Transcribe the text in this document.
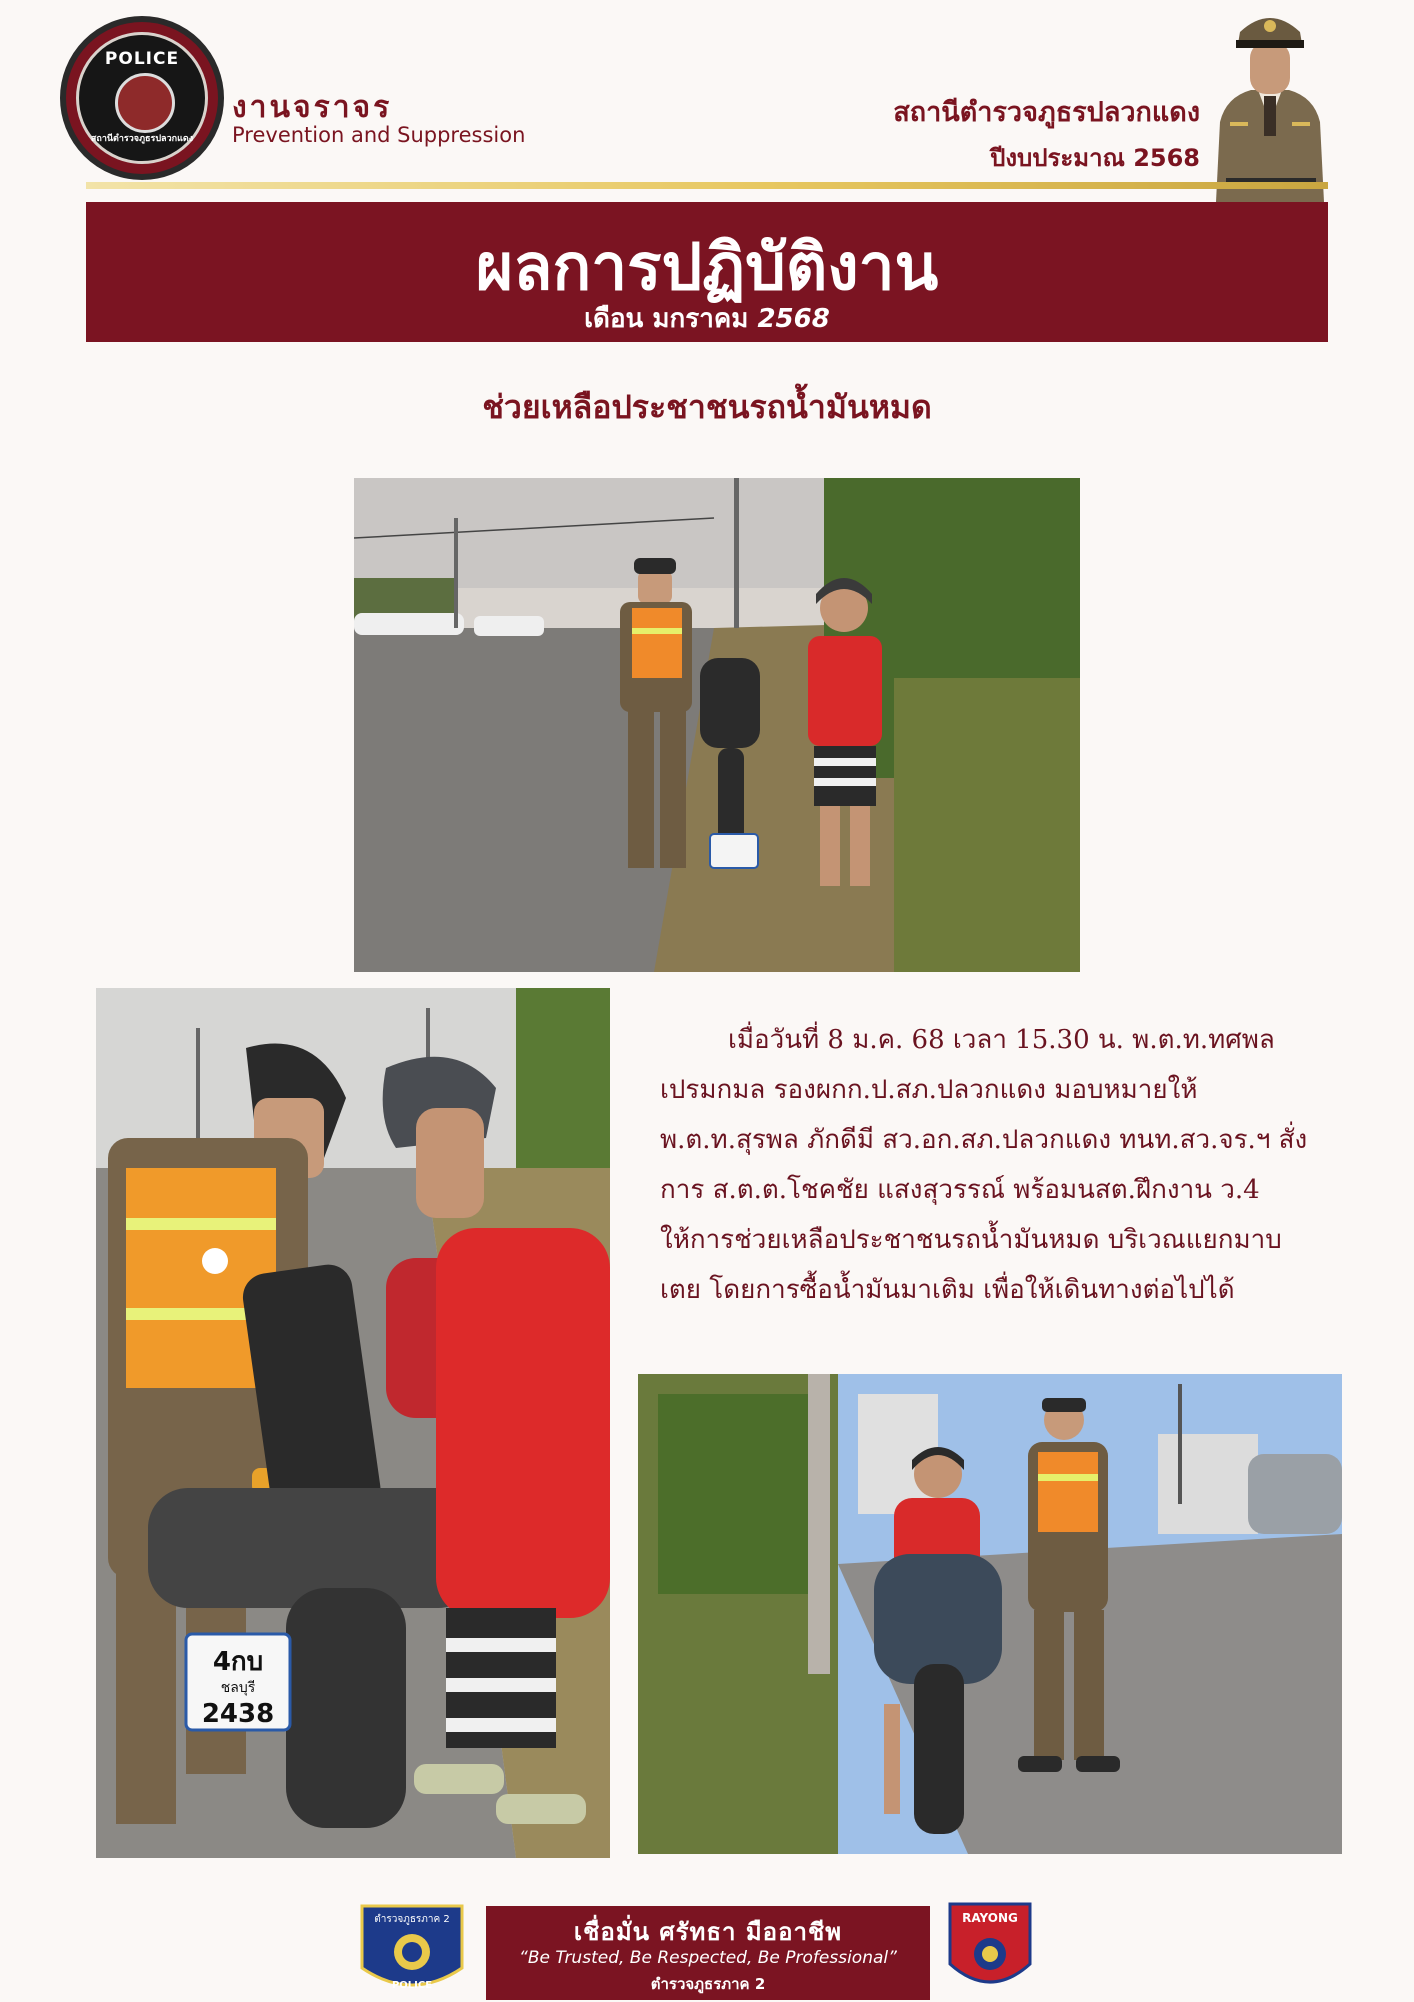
POLICE
สถานีตำรวจภูธรปลวกแดง
งานจราจร
Prevention and Suppression
สถานีตำรวจภูธรปลวกแดง
ปีงบประมาณ 2568
ผลการปฏิบัติงาน
เดือน มกราคม 2568
ช่วยเหลือประชาชนรถน้ำมันหมด
4กบ
ชลบุรี
2438
เมื่อวันที่ 8 ม.ค. 68 เวลา 15.30 น. พ.ต.ท.ทศพล เปรมกมล รองผกก.ป.สภ.ปลวกแดง มอบหมายให้ พ.ต.ท.สุรพล ภักดีมี สว.อก.สภ.ปลวกแดง ทนท.สว.จร.ฯ สั่งการ ส.ต.ต.โชคชัย แสงสุวรรณ์ พร้อมนสต.ฝึกงาน ว.4 ให้การช่วยเหลือประชาชนรถน้ำมันหมด บริเวณแยกมาบเตย โดยการซื้อน้ำมันมาเติม เพื่อให้เดินทางต่อไปได้
ตำรวจภูธรภาค 2
POLICE
เชื่อมั่น ศรัทธา มืออาชีพ
“Be Trusted, Be Respected, Be Professional”
ตำรวจภูธรภาค 2
RAYONG
